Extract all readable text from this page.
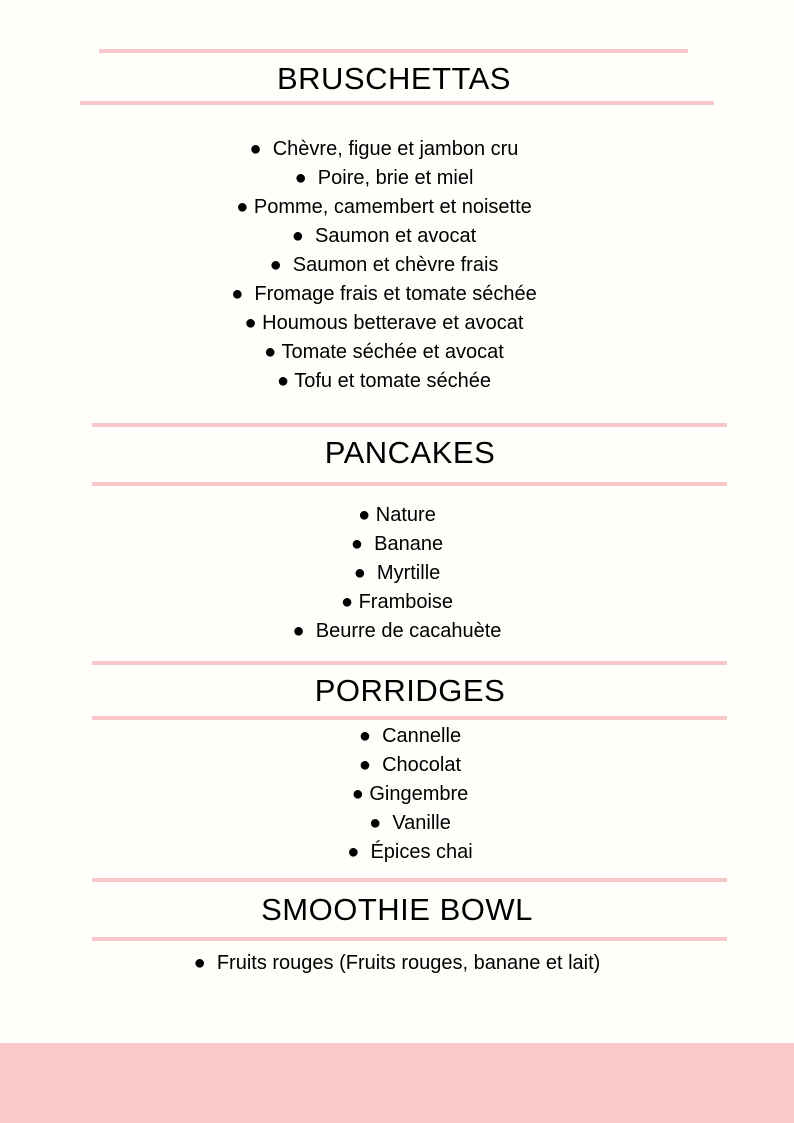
BRUSCHETTAS
●  Chèvre, figue et jambon cru
●  Poire, brie et miel
● Pomme, camembert et noisette
●  Saumon et avocat
●  Saumon et chèvre frais
●  Fromage frais et tomate séchée
● Houmous betterave et avocat
● Tomate séchée et avocat
● Tofu et tomate séchée
PANCAKES
● Nature
●  Banane
●  Myrtille
● Framboise
●  Beurre de cacahuète
PORRIDGES
●  Cannelle
●  Chocolat
● Gingembre
●  Vanille
●  Épices chai
SMOOTHIE BOWL
●  Fruits rouges (Fruits rouges, banane et lait)
